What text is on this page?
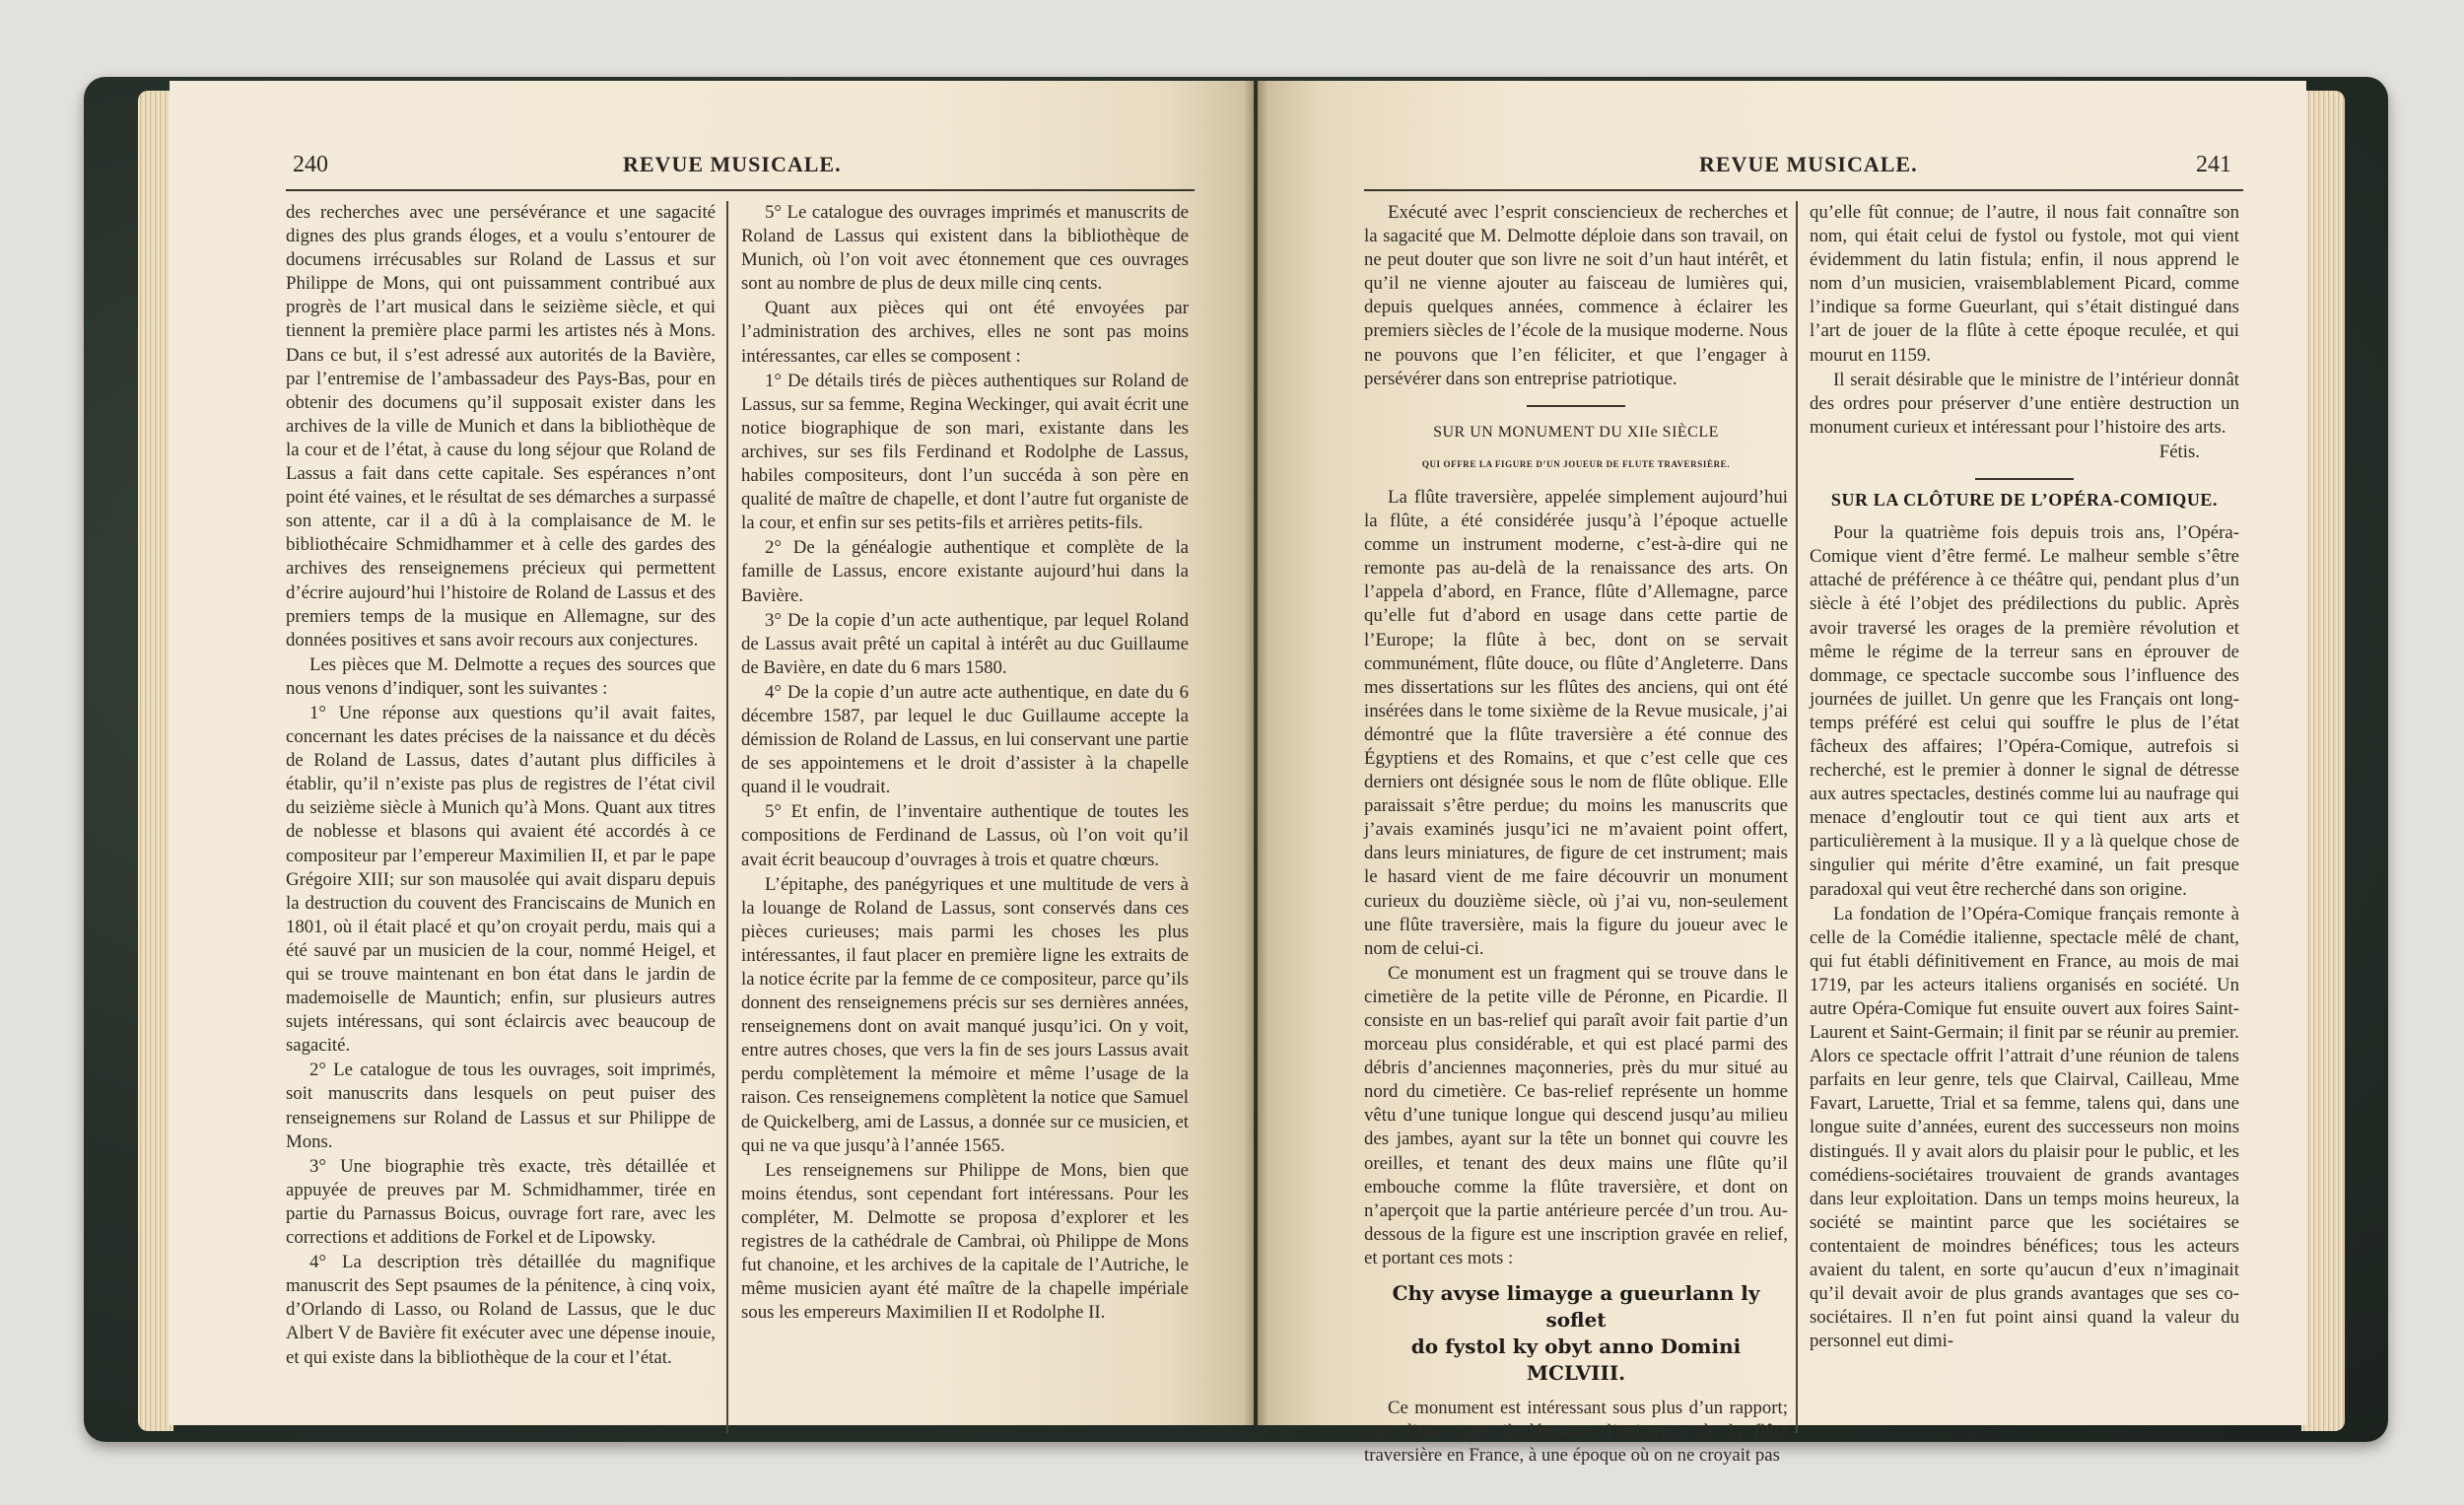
240	REVUE MUSICALE.

des recherches avec une persévérance et une sagacité dignes des plus grands éloges, et a voulu s’entourer de documens irrécusables sur Roland de Lassus et sur Philippe de Mons, qui ont puissamment contribué aux progrès de l’art musical dans le seizième siècle, et qui tiennent la première place parmi les artistes nés à Mons. Dans ce but, il s’est adressé aux autorités de la Bavière, par l’entremise de l’ambassadeur des Pays-Bas, pour en obtenir des documens qu’il supposait exister dans les archives de la ville de Munich et dans la bibliothèque de la cour et de l’état, à cause du long séjour que Roland de Lassus a fait dans cette capitale. Ses espérances n’ont point été vaines, et le résultat de ses démarches a surpassé son attente, car il a dû à la complaisance de M. le bibliothécaire Schmidhammer et à celle des gardes des archives des renseignemens précieux qui permettent d’écrire aujourd’hui l’histoire de Roland de Lassus et des premiers temps de la musique en Allemagne, sur des données positives et sans avoir recours aux conjectures.

Les pièces que M. Delmotte a reçues des sources que nous venons d’indiquer, sont les suivantes :

1° Une réponse aux questions qu’il avait faites, concernant les dates précises de la naissance et du décès de Roland de Lassus, dates d’autant plus difficiles à établir, qu’il n’existe pas plus de registres de l’état civil du seizième siècle à Munich qu’à Mons. Quant aux titres de noblesse et blasons qui avaient été accordés à ce compositeur par l’empereur Maximilien II, et par le pape Grégoire XIII; sur son mausolée qui avait disparu depuis la destruction du couvent des Franciscains de Munich en 1801, où il était placé et qu’on croyait perdu, mais qui a été sauvé par un musicien de la cour, nommé Heigel, et qui se trouve maintenant en bon état dans le jardin de mademoiselle de Mauntich; enfin, sur plusieurs autres sujets intéressans, qui sont éclaircis avec beaucoup de sagacité.

2° Le catalogue de tous les ouvrages, soit imprimés, soit manuscrits dans lesquels on peut puiser des renseignemens sur Roland de Lassus et sur Philippe de Mons.

3° Une biographie très exacte, très détaillée et appuyée de preuves par M. Schmidhammer, tirée en partie du Parnassus Boicus, ouvrage fort rare, avec les corrections et additions de Forkel et de Lipowsky.

4° La description très détaillée du magnifique manuscrit des Sept psaumes de la pénitence, à cinq voix, d’Orlando di Lasso, ou Roland de Lassus, que le duc Albert V de Bavière fit exécuter avec une dépense inouie, et qui existe dans la bibliothèque de la cour et l’état.

5° Le catalogue des ouvrages imprimés et manuscrits de Roland de Lassus qui existent dans la bibliothèque de Munich, où l’on voit avec étonnement que ces ouvrages sont au nombre de plus de deux mille cinq cents.

Quant aux pièces qui ont été envoyées par l’administration des archives, elles ne sont pas moins intéressantes, car elles se composent :

1° De détails tirés de pièces authentiques sur Roland de Lassus, sur sa femme, Regina Weckinger, qui avait écrit une notice biographique de son mari, existante dans les archives, sur ses fils Ferdinand et Rodolphe de Lassus, habiles compositeurs, dont l’un succéda à son père en qualité de maître de chapelle, et dont l’autre fut organiste de la cour, et enfin sur ses petits-fils et arrières petits-fils.

2° De la généalogie authentique et complète de la famille de Lassus, encore existante aujourd’hui dans la Bavière.

3° De la copie d’un acte authentique, par lequel Roland de Lassus avait prêté un capital à intérêt au duc Guillaume de Bavière, en date du 6 mars 1580.

4° De la copie d’un autre acte authentique, en date du 6 décembre 1587, par lequel le duc Guillaume accepte la démission de Roland de Lassus, en lui conservant une partie de ses appointemens et le droit d’assister à la chapelle quand il le voudrait.

5° Et enfin, de l’inventaire authentique de toutes les compositions de Ferdinand de Lassus, où l’on voit qu’il avait écrit beaucoup d’ouvrages à trois et quatre chœurs.

L’épitaphe, des panégyriques et une multitude de vers à la louange de Roland de Lassus, sont conservés dans ces pièces curieuses; mais parmi les choses les plus intéressantes, il faut placer en première ligne les extraits de la notice écrite par la femme de ce compositeur, parce qu’ils donnent des renseignemens précis sur ses dernières années, renseignemens dont on avait manqué jusqu’ici. On y voit, entre autres choses, que vers la fin de ses jours Lassus avait perdu complètement la mémoire et même l’usage de la raison. Ces renseignemens complètent la notice que Samuel de Quickelberg, ami de Lassus, a donnée sur ce musicien, et qui ne va que jusqu’à l’année 1565.

Les renseignemens sur Philippe de Mons, bien que moins étendus, sont cependant fort intéressans. Pour les compléter, M. Delmotte se proposa d’explorer et les registres de la cathédrale de Cambrai, où Philippe de Mons fut chanoine, et les archives de la capitale de l’Autriche, le même musicien ayant été maître de la chapelle impériale sous les empereurs Maximilien II et Rodolphe II.

REVUE MUSICALE.	241

Exécuté avec l’esprit consciencieux de recherches et la sagacité que M. Delmotte déploie dans son travail, on ne peut douter que son livre ne soit d’un haut intérêt, et qu’il ne vienne ajouter au faisceau de lumières qui, depuis quelques années, commence à éclairer les premiers siècles de l’école de la musique moderne. Nous ne pouvons que l’en féliciter, et que l’engager à persévérer dans son entreprise patriotique.

SUR UN MONUMENT DU XIIe SIÈCLE
QUI OFFRE LA FIGURE D’UN JOUEUR DE FLUTE TRAVERSIÈRE.

La flûte traversière, appelée simplement aujourd’hui la flûte, a été considérée jusqu’à l’époque actuelle comme un instrument moderne, c’est-à-dire qui ne remonte pas au-delà de la renaissance des arts. On l’appela d’abord, en France, flûte d’Allemagne, parce qu’elle fut d’abord en usage dans cette partie de l’Europe; la flûte à bec, dont on se servait communément, flûte douce, ou flûte d’Angleterre. Dans mes dissertations sur les flûtes des anciens, qui ont été insérées dans le tome sixième de la Revue musicale, j’ai démontré que la flûte traversière a été connue des Égyptiens et des Romains, et que c’est celle que ces derniers ont désignée sous le nom de flûte oblique. Elle paraissait s’être perdue; du moins les manuscrits que j’avais examinés jusqu’ici ne m’avaient point offert, dans leurs miniatures, de figure de cet instrument; mais le hasard vient de me faire découvrir un monument curieux du douzième siècle, où j’ai vu, non-seulement une flûte traversière, mais la figure du joueur avec le nom de celui-ci.

Ce monument est un fragment qui se trouve dans le cimetière de la petite ville de Péronne, en Picardie. Il consiste en un bas-relief qui paraît avoir fait partie d’un morceau plus considérable, et qui est placé parmi des débris d’anciennes maçonneries, près du mur situé au nord du cimetière. Ce bas-relief représente un homme vêtu d’une tunique longue qui descend jusqu’au milieu des jambes, ayant sur la tête un bonnet qui couvre les oreilles, et tenant des deux mains une flûte qu’il embouche comme la flûte traversière, et dont on n’aperçoit que la partie antérieure percée d’un trou. Au-dessous de la figure est une inscription gravée en relief, et portant ces mots :

Chy avyse limayge a gueurlann ly soflet
do fystol ky obyt anno Domini MCLVIII.

Ce monument est intéressant sous plus d’un rapport; car, d’une part, il démontre l’existence de la flûte traversière en France, à une époque où on ne croyait pas

qu’elle fût connue; de l’autre, il nous fait connaître son nom, qui était celui de fystol ou fystole, mot qui vient évidemment du latin fistula; enfin, il nous apprend le nom d’un musicien, vraisemblablement Picard, comme l’indique sa forme Gueurlant, qui s’était distingué dans l’art de jouer de la flûte à cette époque reculée, et qui mourut en 1159.

Il serait désirable que le ministre de l’intérieur donnât des ordres pour préserver d’une entière destruction un monument curieux et intéressant pour l’histoire des arts.

Fétis.

SUR LA CLÔTURE DE L’OPÉRA-COMIQUE.

Pour la quatrième fois depuis trois ans, l’Opéra-Comique vient d’être fermé. Le malheur semble s’être attaché de préférence à ce théâtre qui, pendant plus d’un siècle à été l’objet des prédilections du public. Après avoir traversé les orages de la première révolution et même le régime de la terreur sans en éprouver de dommage, ce spectacle succombe sous l’influence des journées de juillet. Un genre que les Français ont long-temps préféré est celui qui souffre le plus de l’état fâcheux des affaires; l’Opéra-Comique, autrefois si recherché, est le premier à donner le signal de détresse aux autres spectacles, destinés comme lui au naufrage qui menace d’engloutir tout ce qui tient aux arts et particulièrement à la musique. Il y a là quelque chose de singulier qui mérite d’être examiné, un fait presque paradoxal qui veut être recherché dans son origine.

La fondation de l’Opéra-Comique français remonte à celle de la Comédie italienne, spectacle mêlé de chant, qui fut établi définitivement en France, au mois de mai 1719, par les acteurs italiens organisés en société. Un autre Opéra-Comique fut ensuite ouvert aux foires Saint-Laurent et Saint-Germain; il finit par se réunir au premier. Alors ce spectacle offrit l’attrait d’une réunion de talens parfaits en leur genre, tels que Clairval, Cailleau, Mme Favart, Laruette, Trial et sa femme, talens qui, dans une longue suite d’années, eurent des successeurs non moins distingués. Il y avait alors du plaisir pour le public, et les comédiens-sociétaires trouvaient de grands avantages dans leur exploitation. Dans un temps moins heureux, la société se maintint parce que les sociétaires se contentaient de moindres bénéfices; tous les acteurs avaient du talent, en sorte qu’aucun d’eux n’imaginait qu’il devait avoir de plus grands avantages que ses co-sociétaires. Il n’en fut point ainsi quand la valeur du personnel eut dimi-
